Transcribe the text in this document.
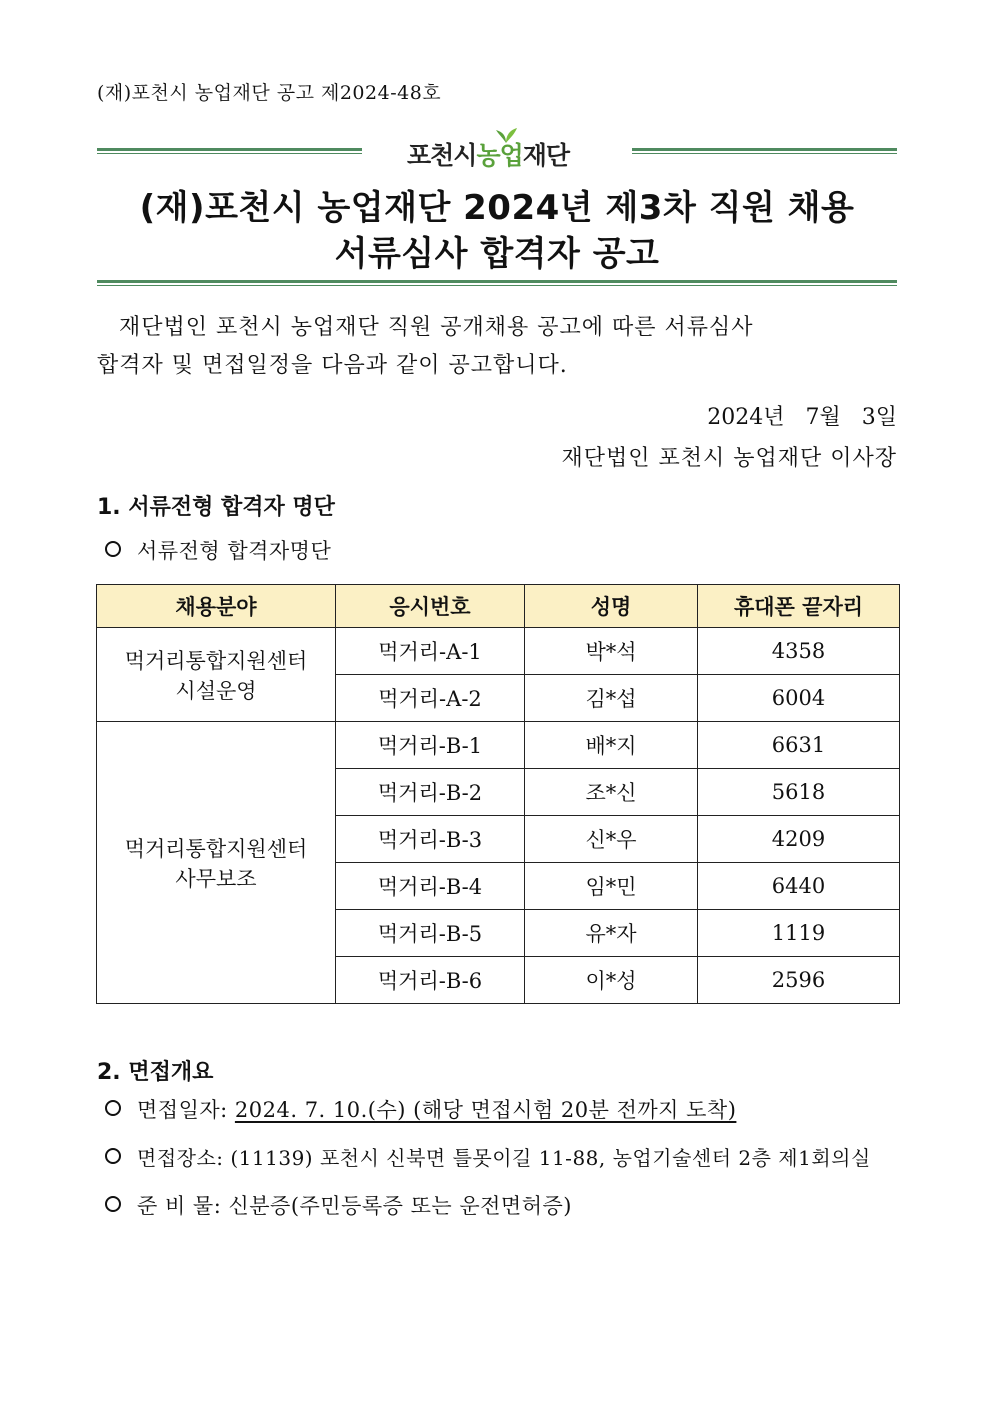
(재)포천시 농업재단 공고 제2024-48호
포천시농업재단
(재)포천시 농업재단 2024년 제3차 직원 채용
서류심사 합격자 공고
재단법인 포천시 농업재단 직원 공개채용 공고에 따른 서류심사
합격자 및 면접일정을 다음과 같이 공고합니다.
2024년   7월   3일
재단법인 포천시 농업재단 이사장
1. 서류전형 합격자 명단
서류전형 합격자명단
채용분야	응시번호	성명	휴대폰 끝자리

먹거리통합지원센터
시설운영	먹거리-A-1	박*석	4358
	먹거리-A-2	김*섭	6004

먹거리통합지원센터
사무보조	먹거리-B-1	배*지	6631
	먹거리-B-2	조*신	5618
	먹거리-B-3	신*우	4209
	먹거리-B-4	임*민	6440
	먹거리-B-5	유*자	1119
	먹거리-B-6	이*성	2596
2. 면접개요
면접일자: 2024. 7. 10.(수) (해당 면접시험 20분 전까지 도착)
면접장소: (11139) 포천시 신북면 틀못이길 11-88, 농업기술센터 2층 제1회의실
준 비 물: 신분증(주민등록증 또는 운전면허증)
